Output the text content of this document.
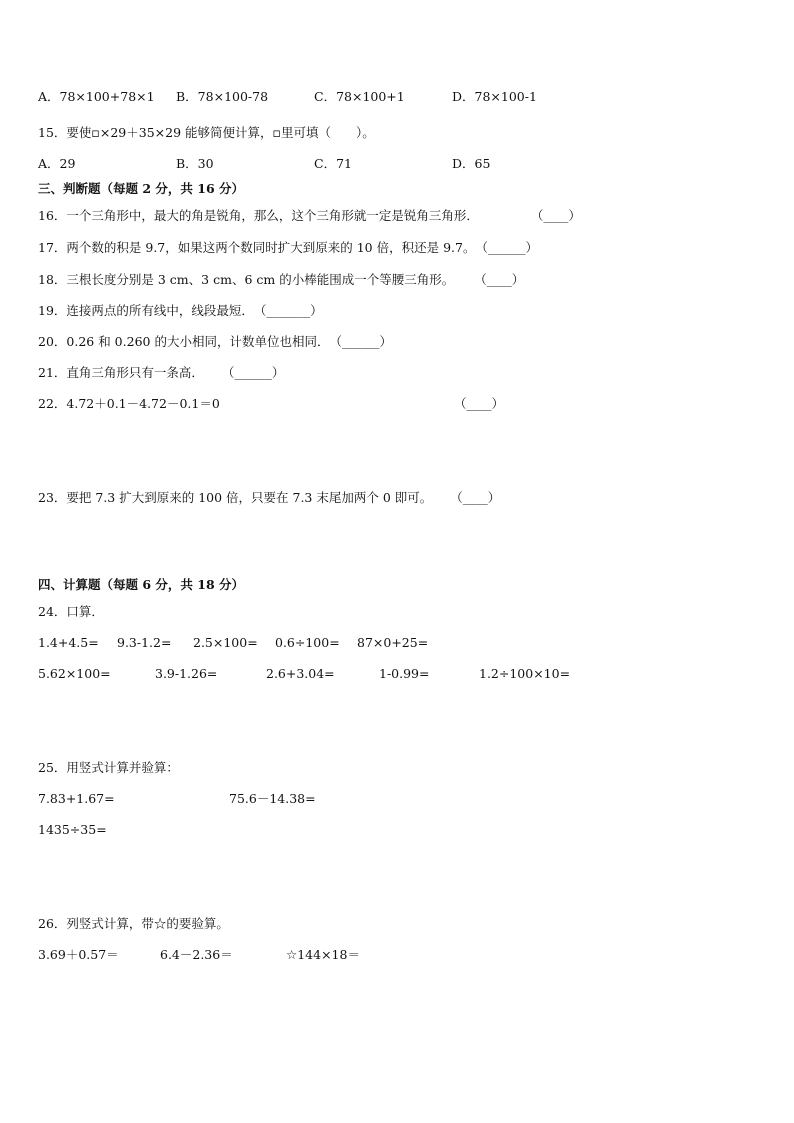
A．78×100+78×1 B．78×100-78	C．78×100+1	D．78×100-1
15．要使▫×29＋35×29 能够简便计算，▫里可填（　　）。
A．29	B．30	C．71	D．65
三、判断题（每题 2 分，共 16 分）
16．一个三角形中，最大的角是锐角，那么，这个三角形就一定是锐角三角形．	（____）
17．两个数的积是 9.7，如果这两个数同时扩大到原来的 10 倍，积还是 9.7。（______）
18．三根长度分别是 3 cm、3 cm、6 cm 的小棒能围成一个等腰三角形。 （____）
19．连接两点的所有线中，线段最短．（_______）
20．0.26 和 0.260 的大小相同，计数单位也相同．（______）
21．直角三角形只有一条高． （______）
22．4.72＋0.1－4.72－0.1＝0	（____）
23．要把 7.3 扩大到原来的 100 倍，只要在 7.3 末尾加两个 0 即可。 （____）
四、计算题（每题 6 分，共 18 分）
24．口算．
1.4+4.5= 9.3-1.2= 2.5×100= 0.6÷100= 87×0+25=
5.62×100=	3.9-1.26=	2.6+3.04=	1-0.99=	1.2÷100×10=
25．用竖式计算并验算：
7.83+1.67=	75.6－14.38=
1435÷35=
26．列竖式计算，带☆的要验算。
3.69＋0.57＝	6.4－2.36＝	☆144×18＝
